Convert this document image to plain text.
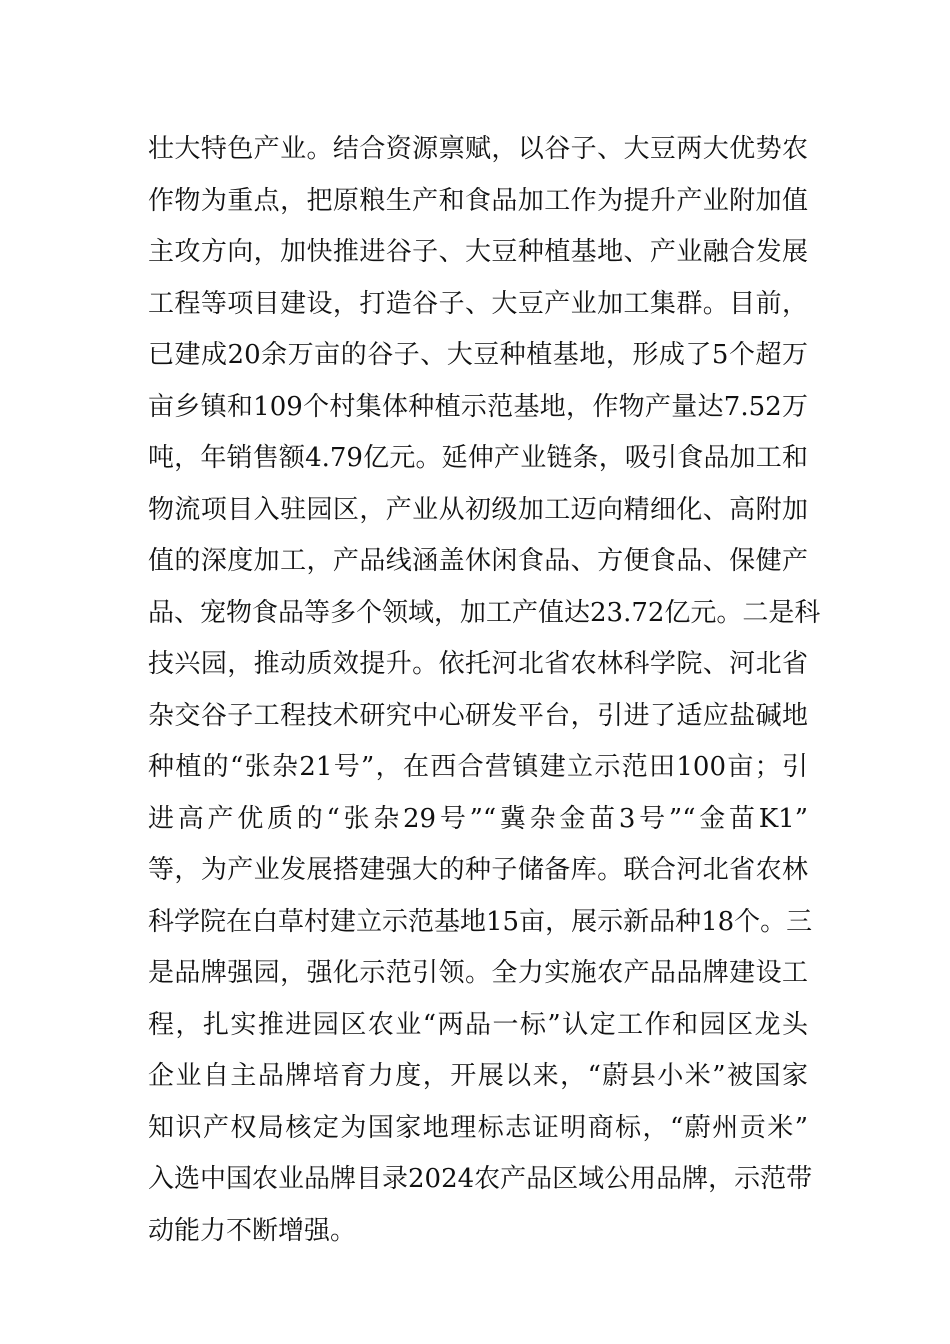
壮大特色产业。结合资源禀赋，以谷子、大豆两大优势农
作物为重点，把原粮生产和食品加工作为提升产业附加值
主攻方向，加快推进谷子、大豆种植基地、产业融合发展
工程等项目建设，打造谷子、大豆产业加工集群。目前，
已建成20余万亩的谷子、大豆种植基地，形成了5个超万
亩乡镇和109个村集体种植示范基地，作物产量达7.52万
吨，年销售额4.79亿元。延伸产业链条，吸引食品加工和
物流项目入驻园区，产业从初级加工迈向精细化、高附加
值的深度加工，产品线涵盖休闲食品、方便食品、保健产
品、宠物食品等多个领域，加工产值达23.72亿元。二是科
技兴园，推动质效提升。依托河北省农林科学院、河北省
杂交谷子工程技术研究中心研发平台，引进了适应盐碱地
种植的“张杂21号”，在西合营镇建立示范田100亩；引
进高产优质的“张杂29号”“冀杂金苗3号”“金苗K1”
等，为产业发展搭建强大的种子储备库。联合河北省农林
科学院在白草村建立示范基地15亩，展示新品种18个。三
是品牌强园，强化示范引领。全力实施农产品品牌建设工
程，扎实推进园区农业“两品一标”认定工作和园区龙头
企业自主品牌培育力度，开展以来，“蔚县小米”被国家
知识产权局核定为国家地理标志证明商标，“蔚州贡米”
入选中国农业品牌目录2024农产品区域公用品牌，示范带
动能力不断增强。
